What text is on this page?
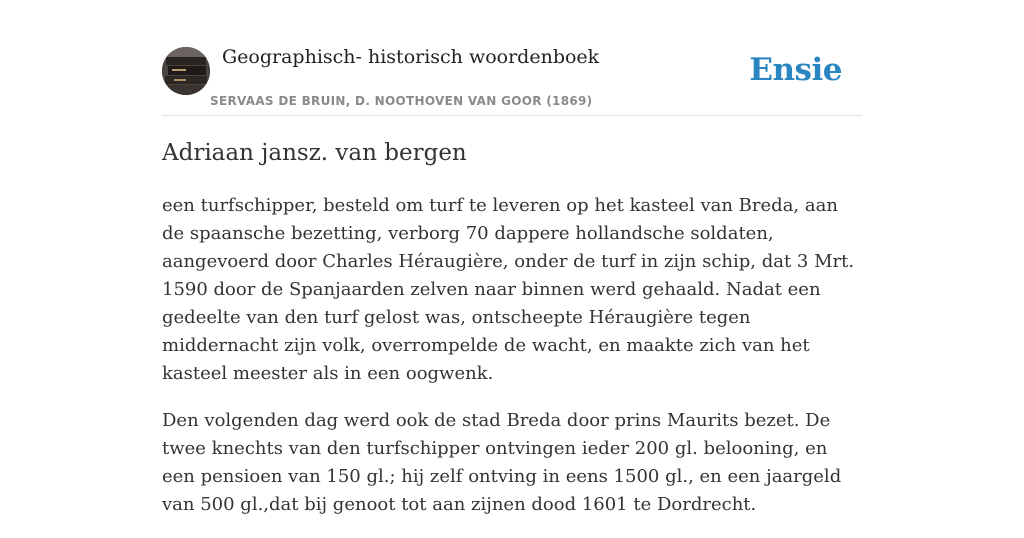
Geographisch- historisch woordenboek
SERVAAS DE BRUIN, D. NOOTHOVEN VAN GOOR (1869)
Ensie
Adriaan jansz. van bergen

een turfschipper, besteld om turf te leveren op het kasteel van Breda, aan de spaansche bezetting, verborg 70 dappere hollandsche soldaten, aangevoerd door Charles Héraugière, onder de turf in zijn schip, dat 3 Mrt. 1590 door de Spanjaarden zelven naar binnen werd gehaald. Nadat een gedeelte van den turf gelost was, ontscheepte Héraugière tegen middernacht zijn volk, overrompelde de wacht, en maakte zich van het kasteel meester als in een oogwenk.

Den volgenden dag werd ook de stad Breda door prins Maurits bezet. De twee knechts van den turfschipper ontvingen ieder 200 gl. belooning, en een pensioen van 150 gl.; hij zelf ontving in eens 1500 gl., en een jaargeld van 500 gl.,dat bij genoot tot aan zijnen dood 1601 te Dordrecht.
